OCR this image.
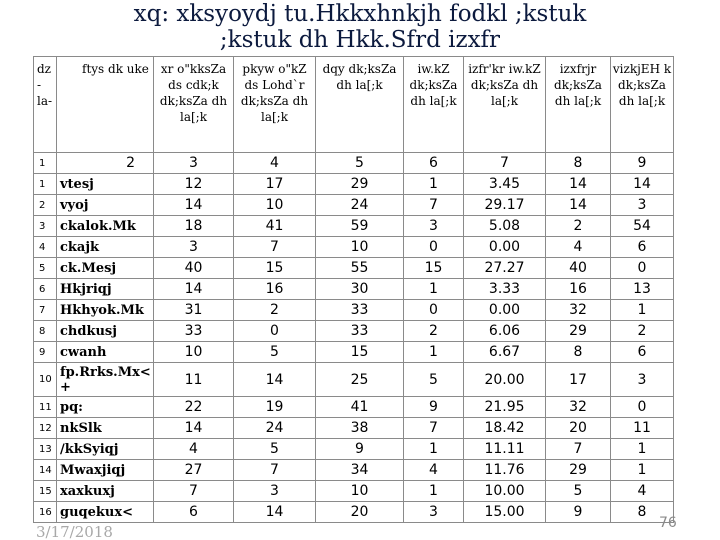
xq: xksyoydj tu.Hkkxhnkjh fodkl ;kstuk
;kstuk dh Hkk.Sfrd izxfr
dz - la-	ftys dk uke	xr o"kksZa ds cdk;k dk;ksZa dh la[;k	pkyw o"kZ ds Lohd`r dk;ksZa dh la[;k	dqy dk;ksZa dh la[;k	iw.kZ dk;ksZa dh la[;k	izfr'kr iw.kZ dk;ksZa dh la[;k	izxfrjr dk;ksZa dh la[;k	vizkjEH k dk;ksZa dh la[;k
1	2	3	4	5	6	7	8	9
1	vtesj	12	17	29	1	3.45	14	14
2	vyoj	14	10	24	7	29.17	14	3
3	ckalok.Mk	18	41	59	3	5.08	2	54
4	ckajk	3	7	10	0	0.00	4	6
5	ck.Mesj	40	15	55	15	27.27	40	0
6	Hkjriqj	14	16	30	1	3.33	16	13
7	Hkhyok.Mk	31	2	33	0	0.00	32	1
8	chdkusj	33	0	33	2	6.06	29	2
9	cwanh	10	5	15	1	6.67	8	6
10	fp.Rrks.Mx< +	11	14	25	5	20.00	17	3
11	pq:	22	19	41	9	21.95	32	0
12	nkSlk	14	24	38	7	18.42	20	11
13	/kkSyiqj	4	5	9	1	11.11	7	1
14	Mwaxjiqj	27	7	34	4	11.76	29	1
15	xaxkuxj	7	3	10	1	10.00	5	4
16	guqekux<	6	14	20	3	15.00	9	8
3/17/2018	76
